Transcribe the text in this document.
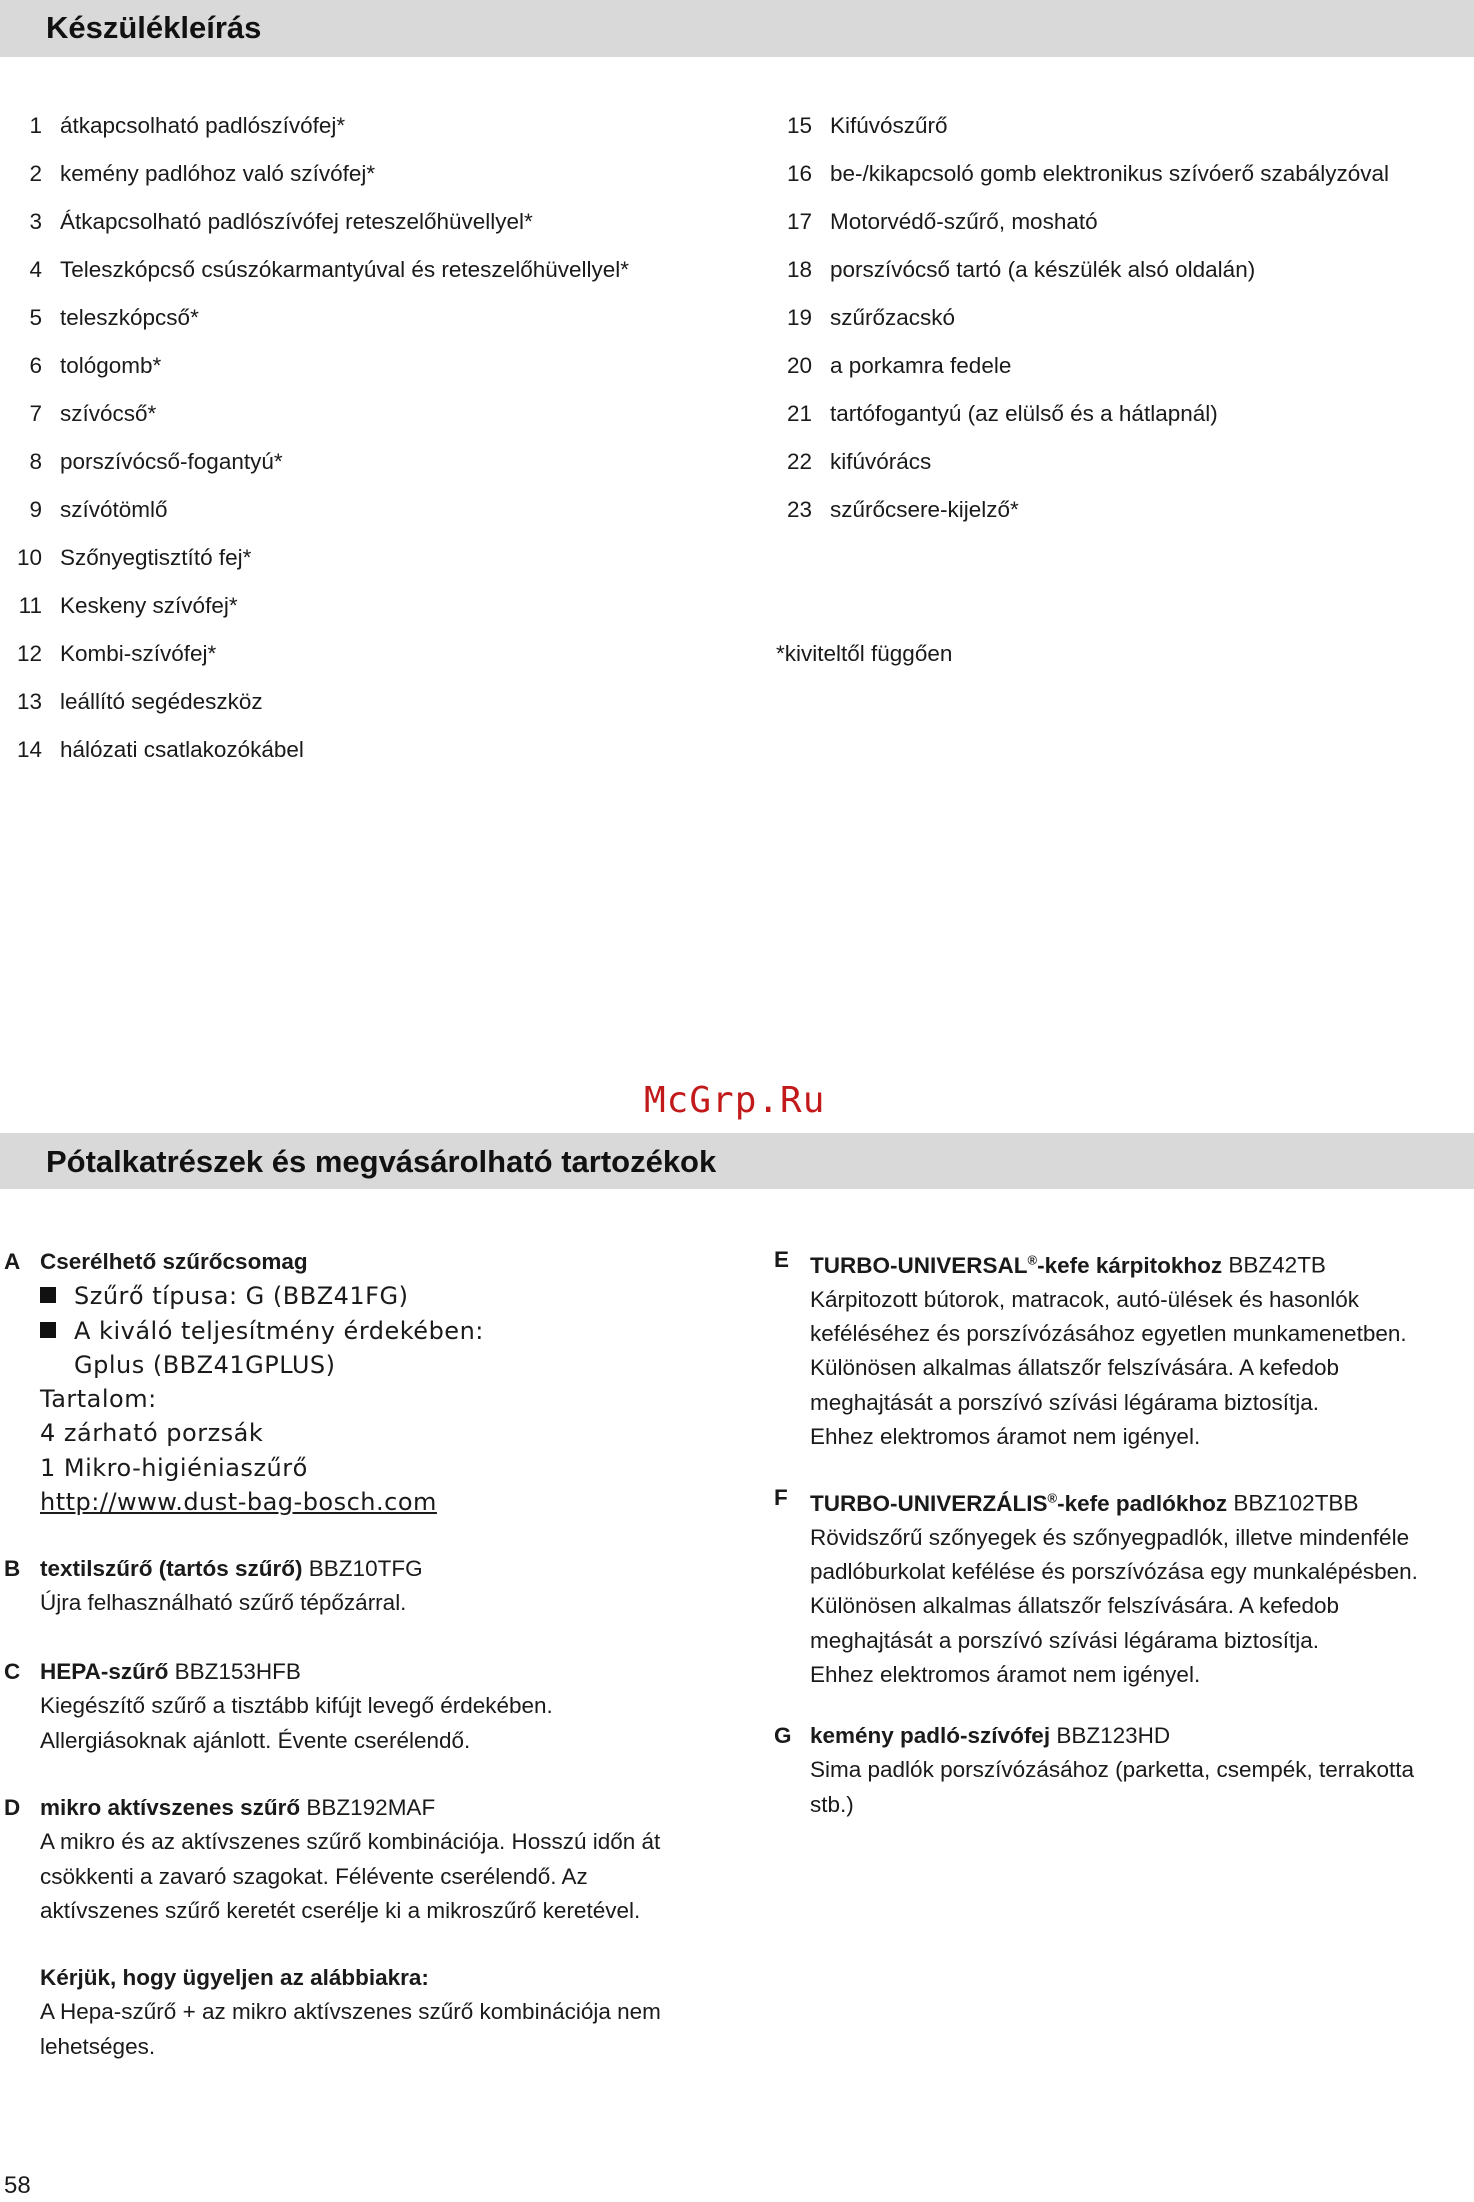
Készülékleírás
1 átkapcsolható padlószívófej*
2 kemény padlóhoz való szívófej*
3 Átkapcsolható padlószívófej reteszelőhüvellyel*
4 Teleszkópcső csúszókarmantyúval és reteszelőhüvellyel*
5 teleszkópcső*
6 tológomb*
7 szívócső*
8 porszívócső-fogantyú*
9 szívótömlő
10 Szőnyegtisztító fej*
11 Keskeny szívófej*
12 Kombi-szívófej*
13 leállító segédeszköz
14 hálózati csatlakozókábel
15 Kifúvószűrő
16 be-/kikapcsoló gomb elektronikus szívóerő szabályzóval
17 Motorvédő-szűrő, mosható
18 porszívócső tartó (a készülék alsó oldalán)
19 szűrőzacskó
20 a porkamra fedele
21 tartófogantyú (az elülső és a hátlapnál)
22 kifúvórács
23 szűrőcsere-kijelző*
*kiviteltől függően
McGrp.Ru
Pótalkatrészek és megvásárolható tartozékok
A Cserélhető szűrőcsomag
Szűrő típusa: G (BBZ41FG)
A kiváló teljesítmény érdekében:
Gplus (BBZ41GPLUS)
Tartalom:
4 zárható porzsák
1 Mikro-higiéniaszűrő
http://www.dust-bag-bosch.com
B textilszűrő (tartós szűrő) BBZ10TFG
Újra felhasználható szűrő tépőzárral.
C HEPA-szűrő BBZ153HFB
Kiegészítő szűrő a tisztább kifújt levegő érdekében.
Allergiásoknak ajánlott. Évente cserélendő.
D mikro aktívszenes szűrő BBZ192MAF
A mikro és az aktívszenes szűrő kombinációja. Hosszú időn át
csökkenti a zavaró szagokat. Félévente cserélendő. Az
aktívszenes szűrő keretét cserélje ki a mikroszűrő keretével.
Kérjük, hogy ügyeljen az alábbiakra:
A Hepa-szűrő + az mikro aktívszenes szűrő kombinációja nem
lehetséges.
E TURBO-UNIVERSAL®-kefe kárpitokhoz BBZ42TB
Kárpitozott bútorok, matracok, autó-ülések és hasonlók
keféléséhez és porszívózásához egyetlen munkamenetben.
Különösen alkalmas állatszőr felszívására. A kefedob
meghajtását a porszívó szívási légárama biztosítja.
Ehhez elektromos áramot nem igényel.
F TURBO-UNIVERZÁLIS®-kefe padlókhoz BBZ102TBB
Rövidszőrű szőnyegek és szőnyegpadlók, illetve mindenféle
padlóburkolat kefélése és porszívózása egy munkalépésben.
Különösen alkalmas állatszőr felszívására. A kefedob
meghajtását a porszívó szívási légárama biztosítja.
Ehhez elektromos áramot nem igényel.
G kemény padló-szívófej BBZ123HD
Sima padlók porszívózásához (parketta, csempék, terrakotta
stb.)
58
